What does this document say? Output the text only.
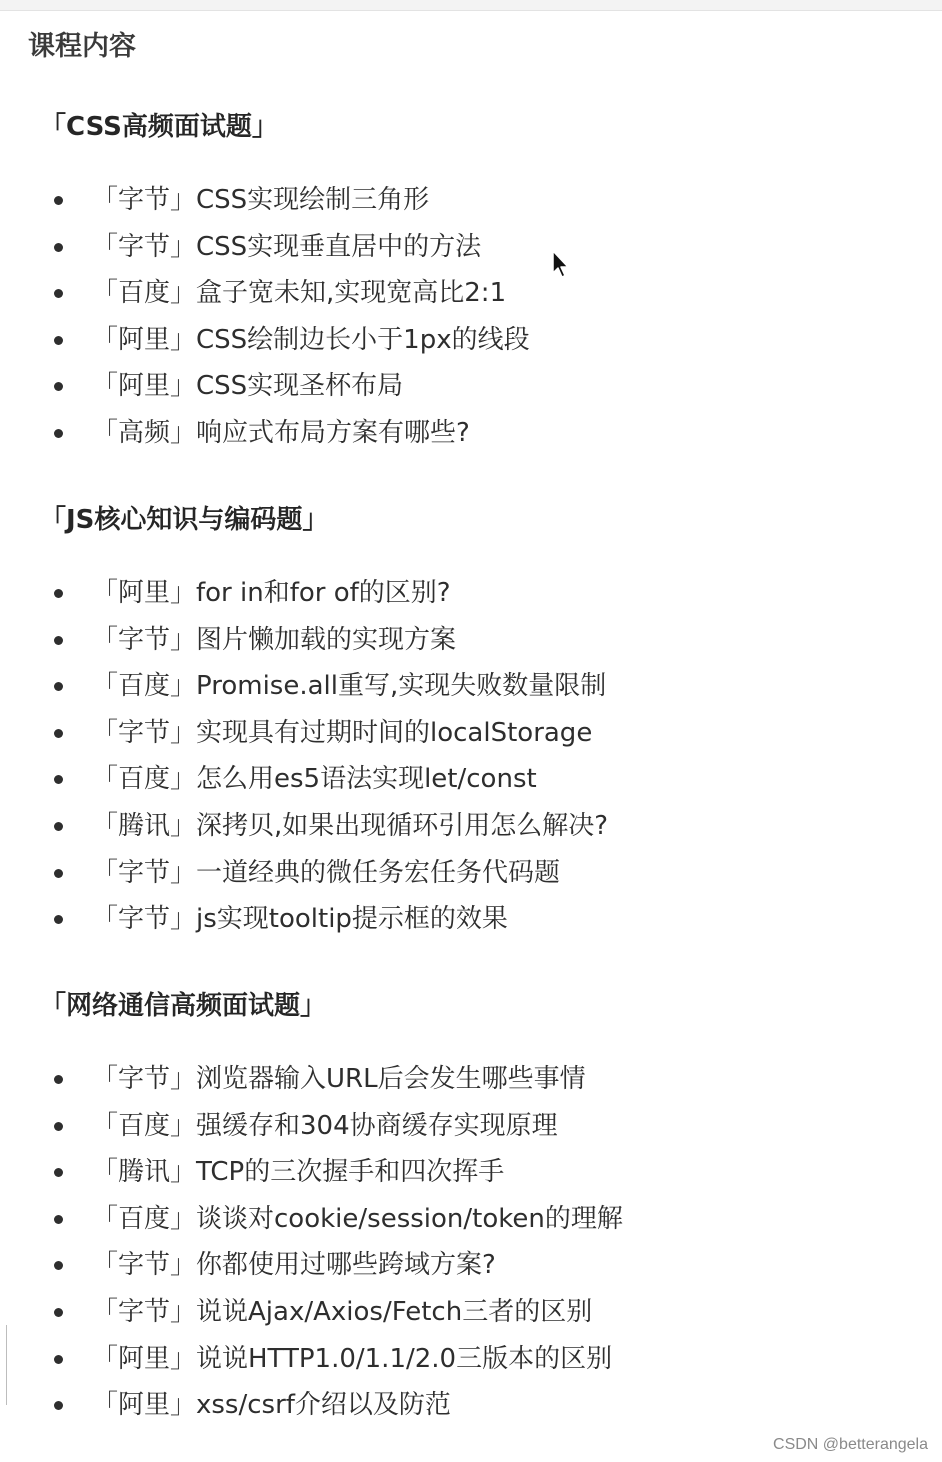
课程内容
「CSS高频面试题」
「字节」CSS实现绘制三角形
「字节」CSS实现垂直居中的方法
「百度」盒子宽未知,实现宽高比2:1
「阿里」CSS绘制边长小于1px的线段
「阿里」CSS实现圣杯布局
「高频」响应式布局方案有哪些?
「JS核心知识与编码题」
「阿里」for in和for of的区别?
「字节」图片懒加载的实现方案
「百度」Promise.all重写,实现失败数量限制
「字节」实现具有过期时间的localStorage
「百度」怎么用es5语法实现let/const
「腾讯」深拷贝,如果出现循环引用怎么解决?
「字节」一道经典的微任务宏任务代码题
「字节」js实现tooltip提示框的效果
「网络通信高频面试题」
「字节」浏览器输入URL后会发生哪些事情
「百度」强缓存和304协商缓存实现原理
「腾讯」TCP的三次握手和四次挥手
「百度」谈谈对cookie/session/token的理解
「字节」你都使用过哪些跨域方案?
「字节」说说Ajax/Axios/Fetch三者的区别
「阿里」说说HTTP1.0/1.1/2.0三版本的区别
「阿里」xss/csrf介绍以及防范
CSDN @betterangela
